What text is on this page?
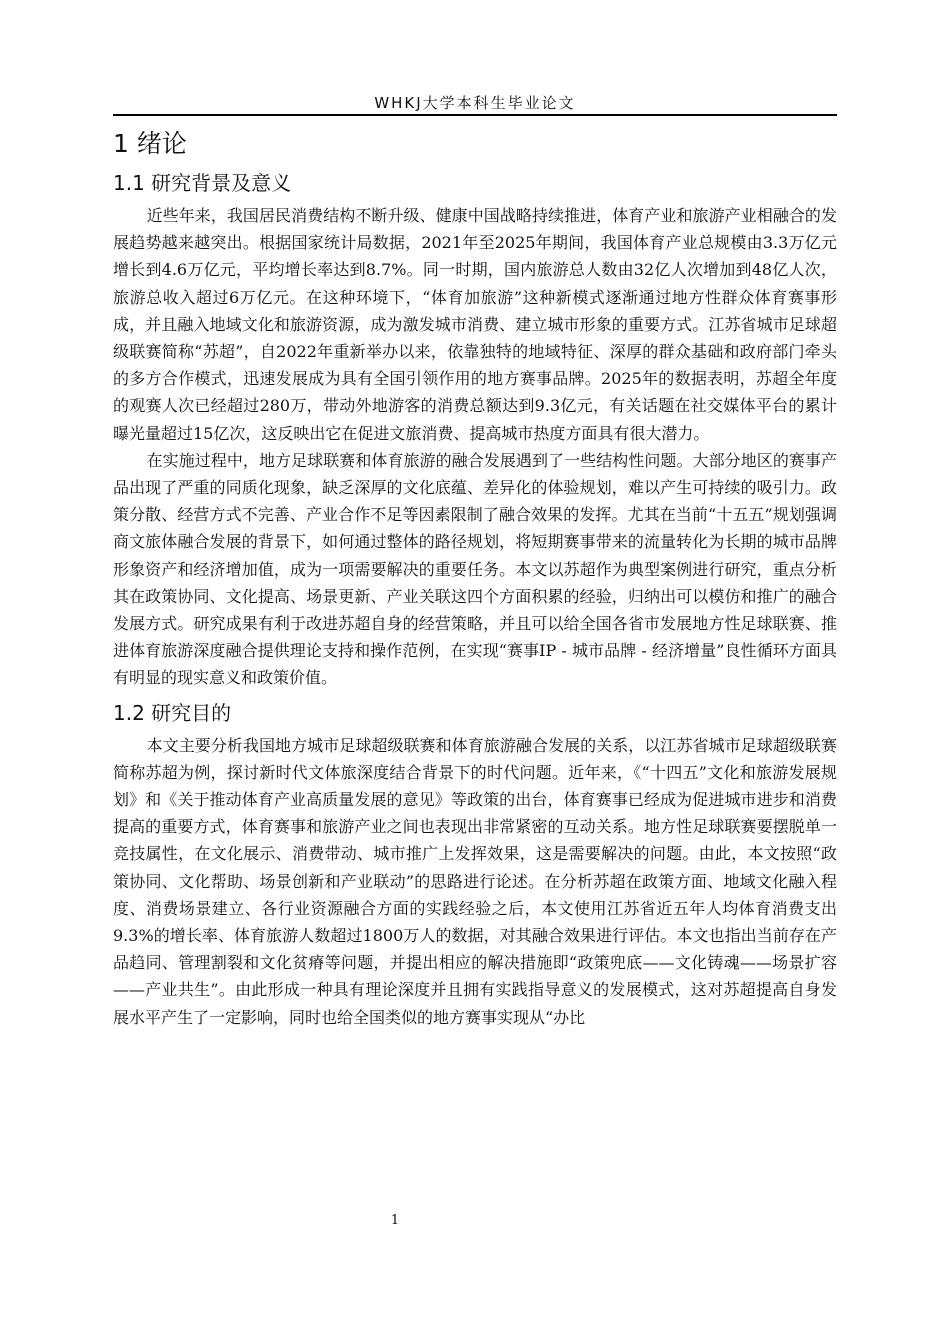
WHKJ大学本科生毕业论文
1 绪论
1.1 研究背景及意义

近些年来，我国居民消费结构不断升级、健康中国战略持续推进，体育产业和旅游产业相融合的发展趋势越来越突出。根据国家统计局数据，2021年至2025年期间，我国体育产业总规模由3.3万亿元增长到4.6万亿元，平均增长率达到8.7%。同一时期，国内旅游总人数由32亿人次增加到48亿人次，旅游总收入超过6万亿元。在这种环境下，“体育加旅游”这种新模式逐渐通过地方性群众体育赛事形成，并且融入地域文化和旅游资源，成为激发城市消费、建立城市形象的重要方式。江苏省城市足球超级联赛简称“苏超”，自2022年重新举办以来，依靠独特的地域特征、深厚的群众基础和政府部门牵头的多方合作模式，迅速发展成为具有全国引领作用的地方赛事品牌。2025年的数据表明，苏超全年度的观赛人次已经超过280万，带动外地游客的消费总额达到9.3亿元，有关话题在社交媒体平台的累计曝光量超过15亿次，这反映出它在促进文旅消费、提高城市热度方面具有很大潜力。

在实施过程中，地方足球联赛和体育旅游的融合发展遇到了一些结构性问题。大部分地区的赛事产品出现了严重的同质化现象，缺乏深厚的文化底蕴、差异化的体验规划，难以产生可持续的吸引力。政策分散、经营方式不完善、产业合作不足等因素限制了融合效果的发挥。尤其在当前“十五五”规划强调商文旅体融合发展的背景下，如何通过整体的路径规划，将短期赛事带来的流量转化为长期的城市品牌形象资产和经济增加值，成为一项需要解决的重要任务。本文以苏超作为典型案例进行研究，重点分析其在政策协同、文化提高、场景更新、产业关联这四个方面积累的经验，归纳出可以模仿和推广的融合发展方式。研究成果有利于改进苏超自身的经营策略，并且可以给全国各省市发展地方性足球联赛、推进体育旅游深度融合提供理论支持和操作范例，在实现“赛事IP - 城市品牌 - 经济增量”良性循环方面具有明显的现实意义和政策价值。

1.2 研究目的

本文主要分析我国地方城市足球超级联赛和体育旅游融合发展的关系，以江苏省城市足球超级联赛简称苏超为例，探讨新时代文体旅深度结合背景下的时代问题。近年来，《“十四五”文化和旅游发展规划》和《关于推动体育产业高质量发展的意见》等政策的出台，体育赛事已经成为促进城市进步和消费提高的重要方式，体育赛事和旅游产业之间也表现出非常紧密的互动关系。地方性足球联赛要摆脱单一竞技属性，在文化展示、消费带动、城市推广上发挥效果，这是需要解决的问题。由此，本文按照“政策协同、文化帮助、场景创新和产业联动”的思路进行论述。在分析苏超在政策方面、地域文化融入程度、消费场景建立、各行业资源融合方面的实践经验之后，本文使用江苏省近五年人均体育消费支出9.3%的增长率、体育旅游人数超过1800万人的数据，对其融合效果进行评估。本文也指出当前存在产品趋同、管理割裂和文化贫瘠等问题，并提出相应的解决措施即“政策兜底——文化铸魂——场景扩容——产业共生”。由此形成一种具有理论深度并且拥有实践指导意义的发展模式，这对苏超提高自身发展水平产生了一定影响，同时也给全国类似的地方赛事实现从“办比

1
